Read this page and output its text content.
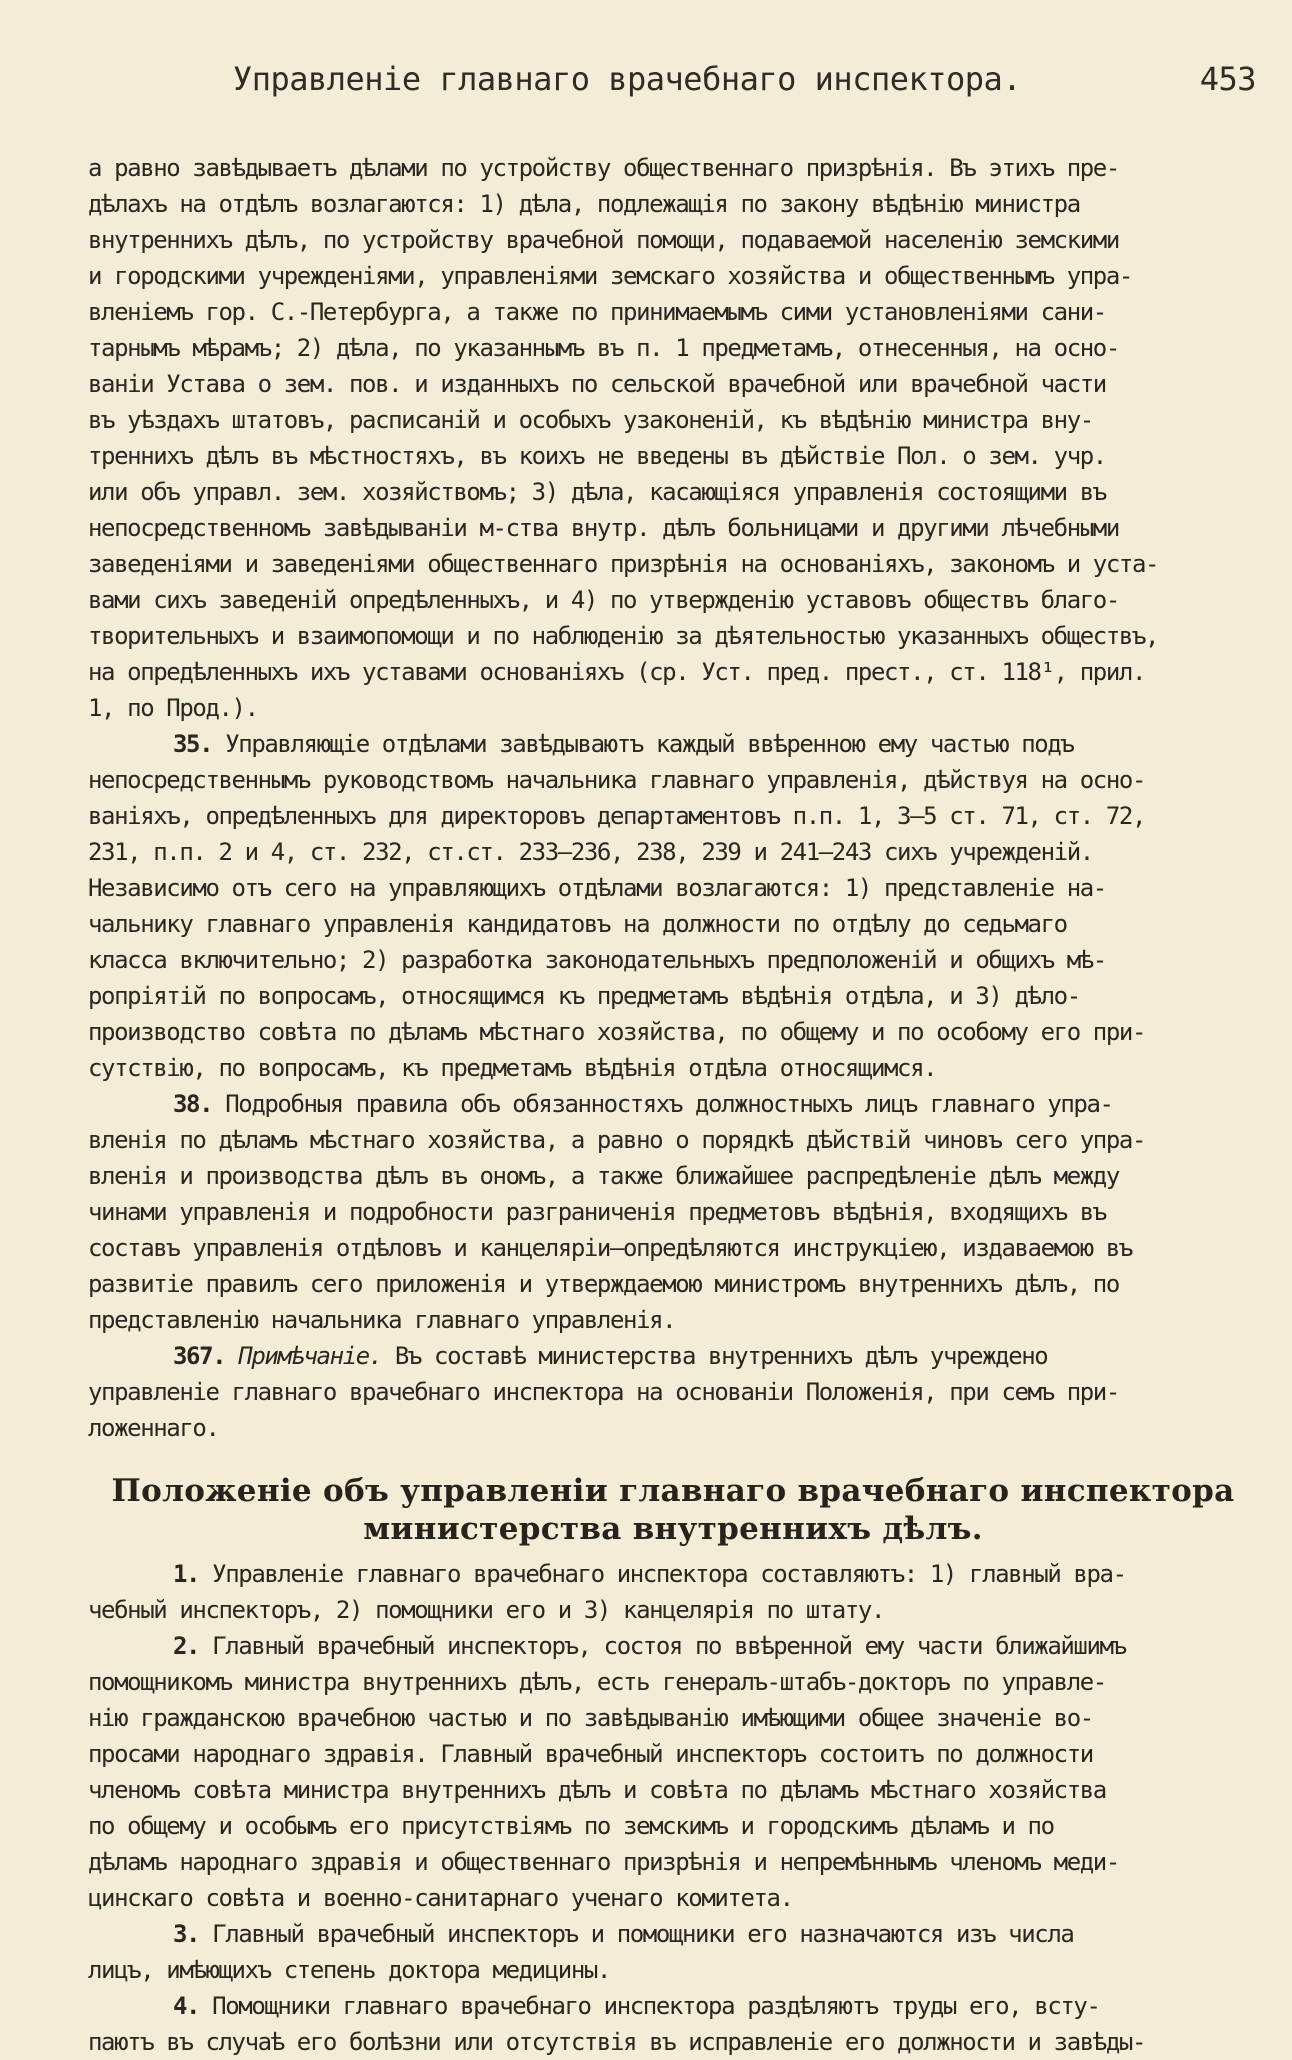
Управленіе главнаго врачебнаго инспектора.	453

а равно завѣдываетъ дѣлами по устройству общественнаго призрѣнія. Въ этихъ пре-
дѣлахъ на отдѣлъ возлагаются: 1) дѣла, подлежащія по закону вѣдѣнію министра
внутреннихъ дѣлъ, по устройству врачебной помощи, подаваемой населенію земскими
и городскими учрежденіями, управленіями земскаго хозяйства и общественнымъ упра-
вленіемъ гор. С.-Петербурга, а также по принимаемымъ сими установленіями сани-
тарнымъ мѣрамъ; 2) дѣла, по указаннымъ въ п. 1 предметамъ, отнесенныя, на осно-
ваніи Устава о зем. пов. и изданныхъ по сельской врачебной или врачебной части
въ уѣздахъ штатовъ, расписаній и особыхъ узаконеній, къ вѣдѣнію министра вну-
треннихъ дѣлъ въ мѣстностяхъ, въ коихъ не введены въ дѣйствіе Пол. о зем. учр.
или объ управл. зем. хозяйствомъ; 3) дѣла, касающіяся управленія состоящими въ
непосредственномъ завѣдываніи м-ства внутр. дѣлъ больницами и другими лѣчебными
заведеніями и заведеніями общественнаго призрѣнія на основаніяхъ, закономъ и уста-
вами сихъ заведеній опредѣленныхъ, и 4) по утвержденію уставовъ обществъ благо-
творительныхъ и взаимопомощи и по наблюденію за дѣятельностью указанныхъ обществъ,
на опредѣленныхъ ихъ уставами основаніяхъ (ср. Уст. пред. прест., ст. 118¹, прил.
1, по Прод.).

35. Управляющіе отдѣлами завѣдываютъ каждый ввѣренною ему частью подъ
непосредственнымъ руководствомъ начальника главнаго управленія, дѣйствуя на осно-
ваніяхъ, опредѣленныхъ для директоровъ департаментовъ п.п. 1, 3—5 ст. 71, ст. 72,
231, п.п. 2 и 4, ст. 232, ст.ст. 233—236, 238, 239 и 241—243 сихъ учрежденій.
Независимо отъ сего на управляющихъ отдѣлами возлагаются: 1) представленіе на-
чальнику главнаго управленія кандидатовъ на должности по отдѣлу до седьмаго
класса включительно; 2) разработка законодательныхъ предположеній и общихъ мѣ-
ропріятій по вопросамъ, относящимся къ предметамъ вѣдѣнія отдѣла, и 3) дѣло-
производство совѣта по дѣламъ мѣстнаго хозяйства, по общему и по особому его при-
сутствію, по вопросамъ, къ предметамъ вѣдѣнія отдѣла относящимся.

38. Подробныя правила объ обязанностяхъ должностныхъ лицъ главнаго упра-
вленія по дѣламъ мѣстнаго хозяйства, а равно о порядкѣ дѣйствій чиновъ сего упра-
вленія и производства дѣлъ въ ономъ, а также ближайшее распредѣленіе дѣлъ между
чинами управленія и подробности разграниченія предметовъ вѣдѣнія, входящихъ въ
составъ управленія отдѣловъ и канцеляріи—опредѣляются инструкціею, издаваемою въ
развитіе правилъ сего приложенія и утверждаемою министромъ внутреннихъ дѣлъ, по
представленію начальника главнаго управленія.

367. Примѣчаніе. Въ составѣ министерства внутреннихъ дѣлъ учреждено
управленіе главнаго врачебнаго инспектора на основаніи Положенія, при семъ при-
ложеннаго.

Положеніе объ управленіи главнаго врачебнаго инспектора
министерства внутреннихъ дѣлъ.

1. Управленіе главнаго врачебнаго инспектора составляютъ: 1) главный вра-
чебный инспекторъ, 2) помощники его и 3) канцелярія по штату.

2. Главный врачебный инспекторъ, состоя по ввѣренной ему части ближайшимъ
помощникомъ министра внутреннихъ дѣлъ, есть генералъ-штабъ-докторъ по управле-
нію гражданскою врачебною частью и по завѣдыванію имѣющими общее значеніе во-
просами народнаго здравія. Главный врачебный инспекторъ состоитъ по должности
членомъ совѣта министра внутреннихъ дѣлъ и совѣта по дѣламъ мѣстнаго хозяйства
по общему и особымъ его присутствіямъ по земскимъ и городскимъ дѣламъ и по
дѣламъ народнаго здравія и общественнаго призрѣнія и непремѣннымъ членомъ меди-
цинскаго совѣта и военно-санитарнаго ученаго комитета.

3. Главный врачебный инспекторъ и помощники его назначаются изъ числа
лицъ, имѣющихъ степень доктора медицины.

4. Помощники главнаго врачебнаго инспектора раздѣляютъ труды его, всту-
паютъ въ случаѣ его болѣзни или отсутствія въ исправленіе его должности и завѣды-
